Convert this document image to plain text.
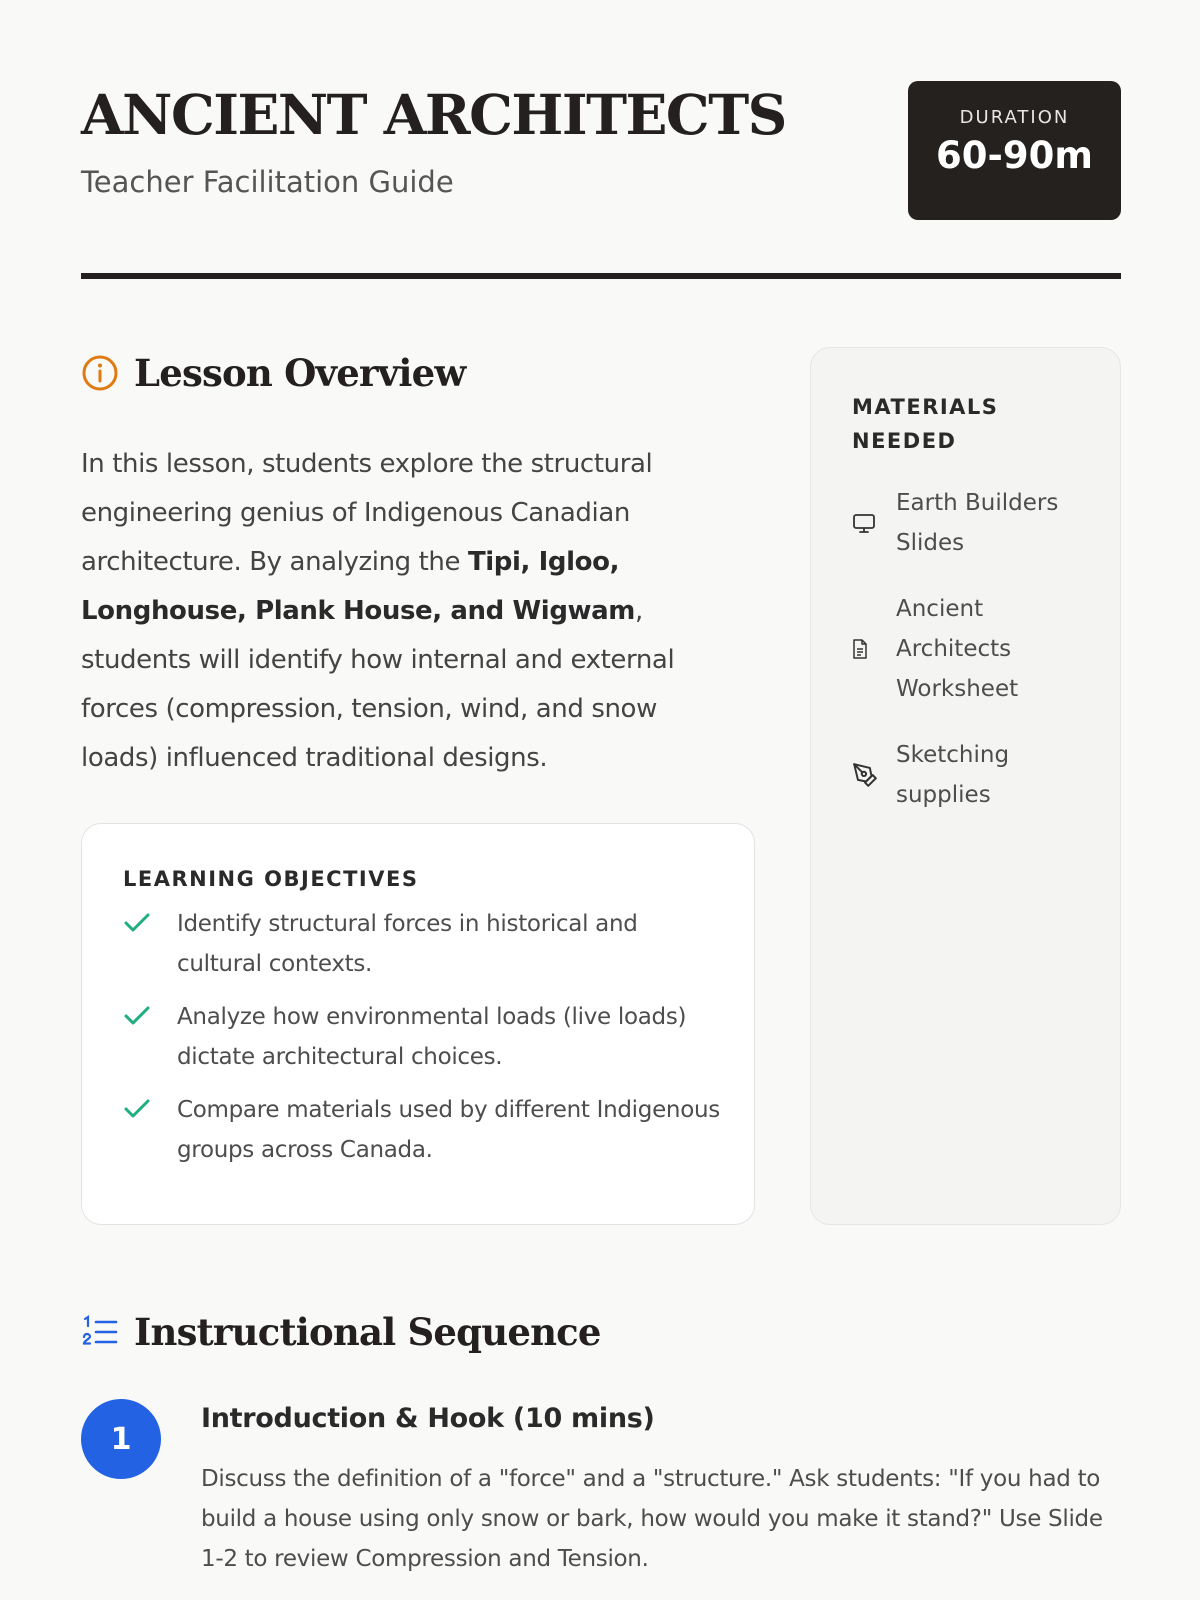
ANCIENT ARCHITECTS
Teacher Facilitation Guide
DURATION
60-90m
Lesson Overview

In this lesson, students explore the structural engineering genius of Indigenous Canadian architecture. By analyzing the Tipi, Igloo, Longhouse, Plank House, and Wigwam, students will identify how internal and external forces (compression, tension, wind, and snow loads) influenced traditional designs.

LEARNING OBJECTIVES
Identify structural forces in historical and cultural contexts.
Analyze how environmental loads (live loads) dictate architectural choices.
Compare materials used by different Indigenous groups across Canada.
MATERIALS NEEDED
Earth Builders Slides
Ancient Architects Worksheet
Sketching supplies
Instructional Sequence
1
Introduction & Hook (10 mins)
Discuss the definition of a "force" and a "structure." Ask students: "If you had to build a house using only snow or bark, how would you make it stand?" Use Slide 1-2 to review Compression and Tension.
